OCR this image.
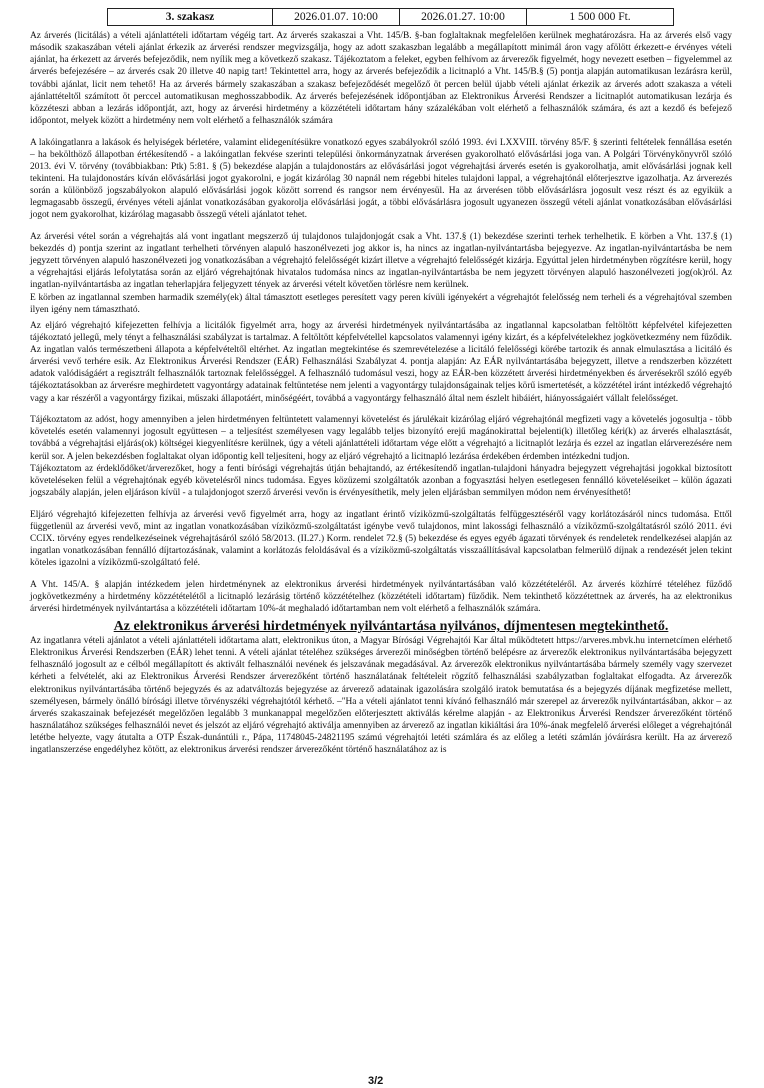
3. szakasz	2026.01.07. 10:00	2026.01.27. 10:00	1 500 000 Ft.

Az árverés (licitálás) a vételi ajánlattételi időtartam végéig tart. Az árverés szakaszai a Vht. 145/B. §-ban foglaltaknak megfelelően kerülnek meghatározásra. Ha az árverés első vagy második szakaszában vételi ajánlat érkezik az árverési rendszer megvizsgálja, hogy az adott szakaszban legalább a megállapított minimál áron vagy afölött érkezett-e érvényes vételi ajánlat, ha érkezett az árverés befejeződik, nem nyílik meg a következő szakasz. Tájékoztatom a feleket, egyben felhívom az árverezők figyelmét, hogy nevezett esetben – figyelemmel az árverés befejezésére – az árverés csak 20 illetve 40 napig tart! Tekintettel arra, hogy az árverés befejeződik a licitnapló a Vht. 145/B.§ (5) pontja alapján automatikusan lezárásra kerül, további ajánlat, licit nem tehető! Ha az árverés bármely szakaszában a szakasz befejeződését megelőző öt percen belül újabb vételi ajánlat érkezik az árverés adott szakasza a vételi ajánlattételtől számított öt perccel automatikusan meghosszabbodik. Az árverés befejezésének időpontjában az Elektronikus Árverési Rendszer a licitnaplót automatikusan lezárja és közzéteszi abban a lezárás időpontját, azt, hogy az árverési hirdetmény a közzétételi időtartam hány százalékában volt elérhető a felhasználók számára, és azt a kezdő és befejező időpontot, melyek között a hirdetmény nem volt elérhető a felhasználók számára

A lakóingatlanra a lakások és helyiségek bérletére, valamint elidegenítésükre vonatkozó egyes szabályokról szóló 1993. évi LXXVIII. törvény 85/F. § szerinti feltételek fennállása esetén – ha bekölthöző állapotban értékesítendő - a lakóingatlan fekvése szerinti települési önkormányzatnak árverésen gyakorolható elővásárlási joga van. A Polgári Törvénykönyvről szóló 2013. évi V. törvény (továbbiakban: Ptk) 5:81. § (5) bekezdése alapján a tulajdonostárs az elővásárlási jogot végrehajtási árverés esetén is gyakorolhatja, amit elővásárlási jognak kell tekinteni. Ha tulajdonostárs kíván elővásárlási jogot gyakorolni, e jogát kizárólag 30 napnál nem régebbi hiteles tulajdoni lappal, a végrehajtónál előterjesztve igazolhatja. Az árverezés során a különböző jogszabályokon alapuló elővásárlási jogok között sorrend és rangsor nem érvényesül. Ha az árverésen több elővásárlásra jogosult vesz részt és az egyikük a legmagasabb összegű, érvényes vételi ajánlat vonatkozásában gyakorolja elővásárlási jogát, a többi elővásárlásra jogosult ugyanezen összegű vételi ajánlat vonatkozásában elővásárlási jogot nem gyakorolhat, kizárólag magasabb összegű vételi ajánlatot tehet.

Az árverési vétel során a végrehajtás alá vont ingatlant megszerző új tulajdonos tulajdonjogát csak a Vht. 137.§ (1) bekezdése szerinti terhek terhelhetik. E körben a Vht. 137.§ (1) bekezdés d) pontja szerint az ingatlant terhelheti törvényen alapuló haszonélvezeti jog akkor is, ha nincs az ingatlan-nyilvántartásba bejegyezve. Az ingatlan-nyilvántartásba be nem jegyzett törvényen alapuló haszonélvezeti jog vonatkozásában a végrehajtó felelősségét kizárt illetve a végrehajtó felelősségét kizárja. Egyúttal jelen hirdetményben rögzítésre kerül, hogy a végrehajtási eljárás lefolytatása során az eljáró végrehajtónak hivatalos tudomása nincs az ingatlan-nyilvántartásba be nem jegyzett törvényen alapuló haszonélvezeti jog(ok)ról. Az ingatlan-nyilvántartásba az ingatlan teherlapjára feljegyzett tények az árverési vételt követően törlésre nem kerülnek.
E körben az ingatlannal szemben harmadik személy(ek) által támasztott esetleges peresített vagy peren kívüli igényekért a végrehajtót felelősség nem terheli és a végrehajtóval szemben ilyen igény nem támasztható.

Az eljáró végrehajtó kifejezetten felhívja a licitálók figyelmét arra, hogy az árverési hirdetmények nyilvántartásába az ingatlannal kapcsolatban feltöltött képfelvétel kifejezetten tájékoztató jellegű, mely tényt a felhasználási szabályzat is tartalmaz. A feltöltött képfelvétellel kapcsolatos valamennyi igény kizárt, és a képfelvételekhez jogkövetkezmény nem fűződik. Az ingatlan valós természetbeni állapota a képfelvételtől eltérhet. Az ingatlan megtekintése és szemrevételezése a licitáló felelősségi körébe tartozik és annak elmulasztása a licitáló és árverési vevő terhére esik. Az Elektronikus Árverési Rendszer (EÁR) Felhasználási Szabályzat 4. pontja alapján: Az EÁR nyilvántartásába bejegyzett, illetve a rendszerben közzétett adatok valódiságáért a regisztrált felhasználók tartoznak felelősséggel. A felhasználó tudomásul veszi, hogy az EÁR-ben közzétett árverési hirdetményekben és árverésekről szóló egyéb tájékoztatásokban az árverésre meghirdetett vagyontárgy adatainak feltüntetése nem jelenti a vagyontárgy tulajdonságainak teljes körű ismertetését, a közzététel iránt intézkedő végrehajtó vagy a kar részéről a vagyontárgy fizikai, műszaki állapotáért, minőségéért, továbbá a vagyontárgy felhasználó által nem észlelt hibáiért, hiányosságaiért vállalt felelősséget.

Tájékoztatom az adóst, hogy amennyiben a jelen hirdetményen feltüntetett valamennyi követelést és járulékait kizárólag eljáró végrehajtónál megfizeti vagy a követelés jogosultja - több követelés esetén valamennyi jogosult együttesen – a teljesítést személyesen vagy legalább teljes bizonyító erejű magánokirattal bejelenti(k) illetőleg kéri(k) az árverés elhalasztását, továbbá a végrehajtási eljárás(ok) költségei kiegyenlítésre kerülnek, úgy a vételi ajánlattételi időtartam vége előtt a végrehajtó a licitnaplót lezárja és ezzel az ingatlan elárverezésére nem kerül sor. A jelen bekezdésben foglaltakat olyan időpontig kell teljesíteni, hogy az eljáró végrehajtó a licitnapló lezárása érdekében érdemben intézkedni tudjon.
Tájékoztatom az érdeklődőket/árverezőket, hogy a fenti bírósági végrehajtás útján behajtandó, az értékesítendő ingatlan-tulajdoni hányadra bejegyzett végrehajtási jogokkal biztosított követeléseken felül a végrehajtónak egyéb követelésről nincs tudomása. Egyes közüzemi szolgáltatók azonban a fogyasztási helyen esetlegesen fennálló követeléseiket – külön ágazati jogszabály alapján, jelen eljáráson kívül - a tulajdonjogot szerző árverési vevőn is érvényesíthetik, mely jelen eljárásban semmilyen módon nem érvényesíthető!

Eljáró végrehajtó kifejezetten felhívja az árverési vevő figyelmét arra, hogy az ingatlant érintő víziközmű-szolgáltatás felfüggesztéséről vagy korlátozásáról nincs tudomása. Ettől függetlenül az árverési vevő, mint az ingatlan vonatkozásában víziközmű-szolgáltatást igénybe vevő tulajdonos, mint lakossági felhasználó a víziközmű-szolgáltatásról szóló 2011. évi CCIX. törvény egyes rendelkezéseinek végrehajtásáról szóló 58/2013. (II.27.) Korm. rendelet 72.§ (5) bekezdése és egyes egyéb ágazati törvények és rendeletek rendelkezései alapján az ingatlan vonatkozásában fennálló díjtartozásának, valamint a korlátozás feloldásával és a víziközmű-szolgáltatás visszaállításával kapcsolatban felmerülő díjnak a rendezését jelen tekint köteles igazolni a víziközmű-szolgáltató felé.

A Vht. 145/A. § alapján intézkedem jelen hirdetménynek az elektronikus árverési hirdetmények nyilvántartásában való közzétételéről. Az árverés közhírré tételéhez fűződő jogkövetkezmény a hirdetmény közzétételétől a licitnapló lezárásig történő közzétételhez (közzétételi időtartam) fűződik. Nem tekinthető közzétettnek az árverés, ha az elektronikus árverési hirdetmények nyilvántartása a közzétételi időtartam 10%-át meghaladó időtartamban nem volt elérhető a felhasználók számára.

Az elektronikus árverési hirdetmények nyilvántartása nyilvános, díjmentesen megtekinthető.

Az ingatlanra vételi ajánlatot a vételi ajánlattételi időtartama alatt, elektronikus úton, a Magyar Bírósági Végrehajtói Kar által működtetett https://arveres.mbvk.hu internetcímen elérhető Elektronikus Árverési Rendszerben (EÁR) lehet tenni. A vételi ajánlat tételéhez szükséges árverezői minőségben történő belépésre az árverezők elektronikus nyilvántartásába bejegyzett felhasználó jogosult az e célból megállapított és aktivált felhasználói nevének és jelszavának megadásával. Az árverezők elektronikus nyilvántartásába bármely személy vagy szervezet kérheti a felvételét, aki az Elektronikus Árverési Rendszer árverezőként történő használatának feltételeit rögzítő felhasználási szabályzatban foglaltakat elfogadta. Az árverezők elektronikus nyilvántartásába történő bejegyzés és az adatváltozás bejegyzése az árverező adatainak igazolására szolgáló iratok bemutatása és a bejegyzés díjának megfizetése mellett, személyesen, bármely önálló bírósági illetve törvényszéki végrehajtótól kérhető. –"Ha a vételi ajánlatot tenni kívánó felhasználó már szerepel az árverezők nyilvántartásában, akkor – az árverés szakaszainak befejezését megelőzően legalább 3 munkanappal megelőzően előterjesztett aktiválás kérelme alapján - az Elektronikus Árverési Rendszer árverezőként történő használatához szükséges felhasználói nevet és jelszót az eljáró végrehajtó aktiválja amennyiben az árverező az ingatlan kikiáltási ára 10%-ának megfelelő árverési előleget a végrehajtónál letétbe helyezte, vagy átutalta a OTP Észak-dunántúli r., Pápa, 11748045-24821195 számú végrehajtói letéti számlára és az előleg a letéti számlán jóváírásra került. Ha az árverező ingatlanszerzése engedélyhez kötött, az elektronikus árverési rendszer árverezőként történő használatához az is

3/2
